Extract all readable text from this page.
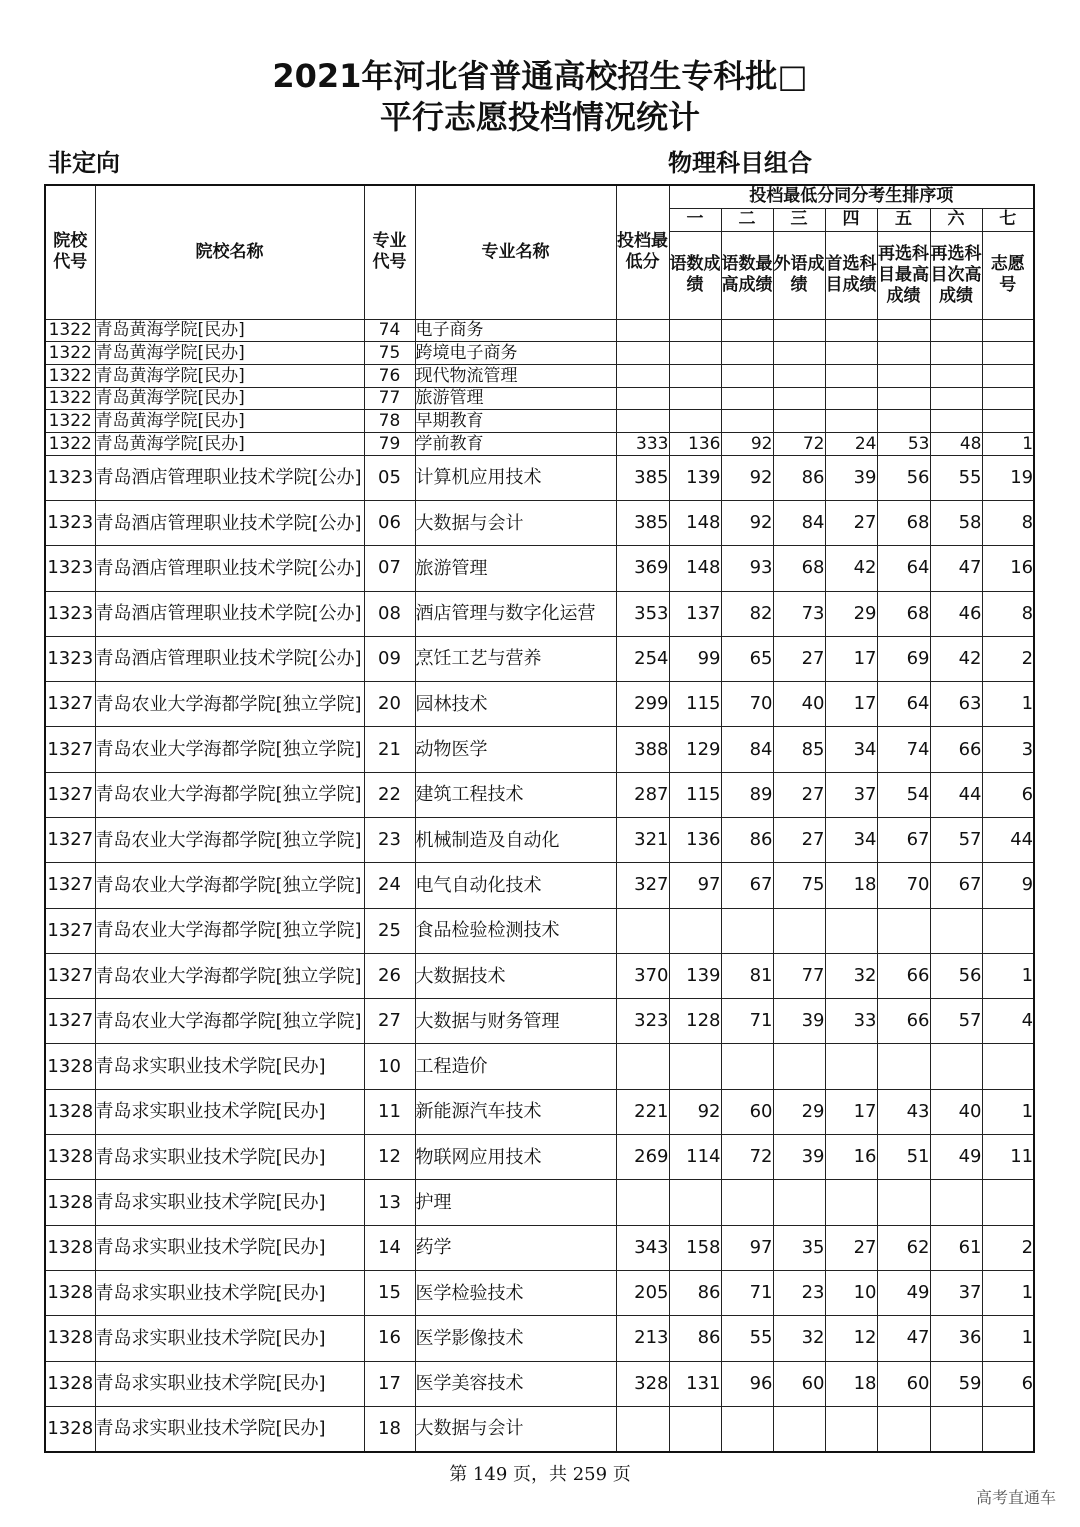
2021年河北省普通高校招生专科批□
平行志愿投档情况统计
非定向	物理科目组合
院校代号	院校名称	专业代号	专业名称	投档最低分	投档最低分同分考生排序项						
					一	二	三	四	五	六	七
					语数成绩	语数最高成绩	外语成绩	首选科目成绩	再选科目最高成绩	再选科目次高成绩	志愿号
1322	青岛黄海学院[民办]	74	电子商务								
1322	青岛黄海学院[民办]	75	跨境电子商务								
1322	青岛黄海学院[民办]	76	现代物流管理								
1322	青岛黄海学院[民办]	77	旅游管理								
1322	青岛黄海学院[民办]	78	早期教育								
1322	青岛黄海学院[民办]	79	学前教育	333	136	92	72	24	53	48	1
1323	青岛酒店管理职业技术学院[公办]	05	计算机应用技术	385	139	92	86	39	56	55	19
1323	青岛酒店管理职业技术学院[公办]	06	大数据与会计	385	148	92	84	27	68	58	8
1323	青岛酒店管理职业技术学院[公办]	07	旅游管理	369	148	93	68	42	64	47	16
1323	青岛酒店管理职业技术学院[公办]	08	酒店管理与数字化运营	353	137	82	73	29	68	46	8
1323	青岛酒店管理职业技术学院[公办]	09	烹饪工艺与营养	254	99	65	27	17	69	42	2
1327	青岛农业大学海都学院[独立学院]	20	园林技术	299	115	70	40	17	64	63	1
1327	青岛农业大学海都学院[独立学院]	21	动物医学	388	129	84	85	34	74	66	3
1327	青岛农业大学海都学院[独立学院]	22	建筑工程技术	287	115	89	27	37	54	44	6
1327	青岛农业大学海都学院[独立学院]	23	机械制造及自动化	321	136	86	27	34	67	57	44
1327	青岛农业大学海都学院[独立学院]	24	电气自动化技术	327	97	67	75	18	70	67	9
1327	青岛农业大学海都学院[独立学院]	25	食品检验检测技术								
1327	青岛农业大学海都学院[独立学院]	26	大数据技术	370	139	81	77	32	66	56	1
1327	青岛农业大学海都学院[独立学院]	27	大数据与财务管理	323	128	71	39	33	66	57	4
1328	青岛求实职业技术学院[民办]	10	工程造价								
1328	青岛求实职业技术学院[民办]	11	新能源汽车技术	221	92	60	29	17	43	40	1
1328	青岛求实职业技术学院[民办]	12	物联网应用技术	269	114	72	39	16	51	49	11
1328	青岛求实职业技术学院[民办]	13	护理								
1328	青岛求实职业技术学院[民办]	14	药学	343	158	97	35	27	62	61	2
1328	青岛求实职业技术学院[民办]	15	医学检验技术	205	86	71	23	10	49	37	1
1328	青岛求实职业技术学院[民办]	16	医学影像技术	213	86	55	32	12	47	36	1
1328	青岛求实职业技术学院[民办]	17	医学美容技术	328	131	96	60	18	60	59	6
1328	青岛求实职业技术学院[民办]	18	大数据与会计								
第 149 页，共 259 页
高考直通车
